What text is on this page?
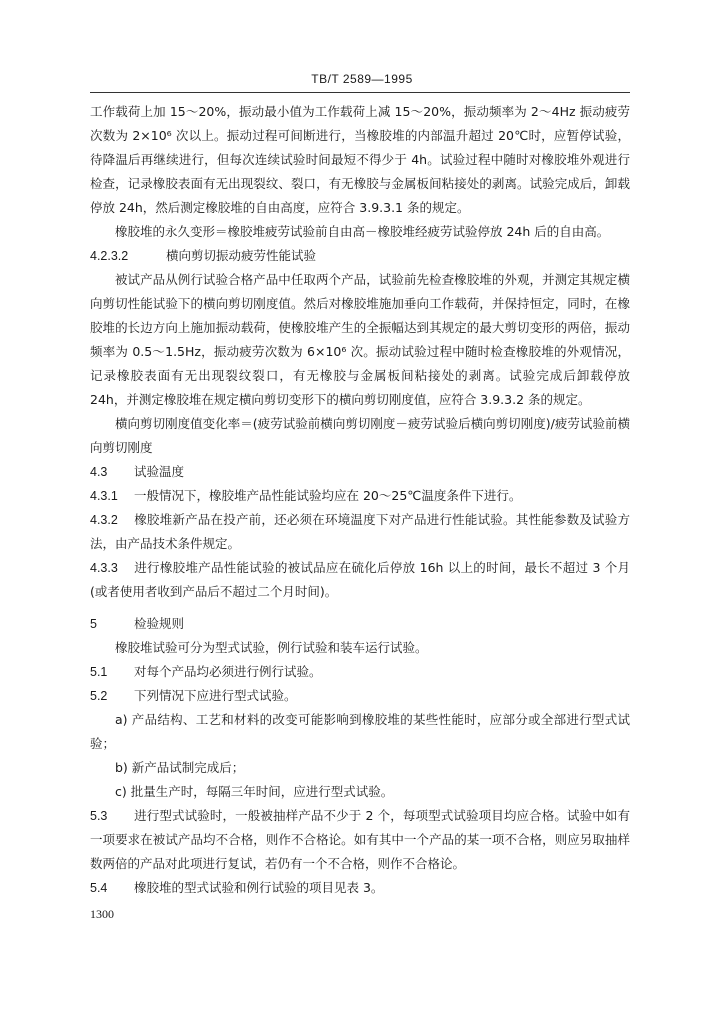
TB/T 2589—1995

工作载荷上加 15～20%，振动最小值为工作载荷上减 15～20%，振动频率为 2～4Hz 振动疲劳次数为 2×10⁶ 次以上。振动过程可间断进行，当橡胶堆的内部温升超过 20℃时，应暂停试验，待降温后再继续进行，但每次连续试验时间最短不得少于 4h。试验过程中随时对橡胶堆外观进行检查，记录橡胶表面有无出现裂纹、裂口，有无橡胶与金属板间粘接处的剥离。试验完成后，卸载停放 24h，然后测定橡胶堆的自由高度，应符合 3.9.3.1 条的规定。

橡胶堆的永久变形＝橡胶堆疲劳试验前自由高－橡胶堆经疲劳试验停放 24h 后的自由高。

4.2.3.2	横向剪切振动疲劳性能试验

被试产品从例行试验合格产品中任取两个产品，试验前先检查橡胶堆的外观，并测定其规定横向剪切性能试验下的横向剪切刚度值。然后对橡胶堆施加垂向工作载荷，并保持恒定，同时，在橡胶堆的长边方向上施加振动载荷，使橡胶堆产生的全振幅达到其规定的最大剪切变形的两倍，振动频率为 0.5～1.5Hz，振动疲劳次数为 6×10⁶ 次。振动试验过程中随时检查橡胶堆的外观情况，记录橡胶表面有无出现裂纹裂口，有无橡胶与金属板间粘接处的剥离。试验完成后卸载停放 24h，并测定橡胶堆在规定横向剪切变形下的横向剪切刚度值，应符合 3.9.3.2 条的规定。

横向剪切刚度值变化率＝(疲劳试验前横向剪切刚度－疲劳试验后横向剪切刚度)/疲劳试验前横向剪切刚度

4.3 试验温度

4.3.1 一般情况下，橡胶堆产品性能试验均应在 20～25℃温度条件下进行。

4.3.2 橡胶堆新产品在投产前，还必须在环境温度下对产品进行性能试验。其性能参数及试验方法，由产品技术条件规定。

4.3.3 进行橡胶堆产品性能试验的被试品应在硫化后停放 16h 以上的时间，最长不超过 3 个月(或者使用者收到产品后不超过二个月时间)。

5	检验规则

橡胶堆试验可分为型式试验，例行试验和装车运行试验。

5.1 对每个产品均必须进行例行试验。

5.2 下列情况下应进行型式试验。

a) 产品结构、工艺和材料的改变可能影响到橡胶堆的某些性能时，应部分或全部进行型式试验；

b) 新产品试制完成后；

c) 批量生产时，每隔三年时间，应进行型式试验。

5.3 进行型式试验时，一般被抽样产品不少于 2 个，每项型式试验项目均应合格。试验中如有一项要求在被试产品均不合格，则作不合格论。如有其中一个产品的某一项不合格，则应另取抽样数两倍的产品对此项进行复试，若仍有一个不合格，则作不合格论。

5.4 橡胶堆的型式试验和例行试验的项目见表 3。

1300
